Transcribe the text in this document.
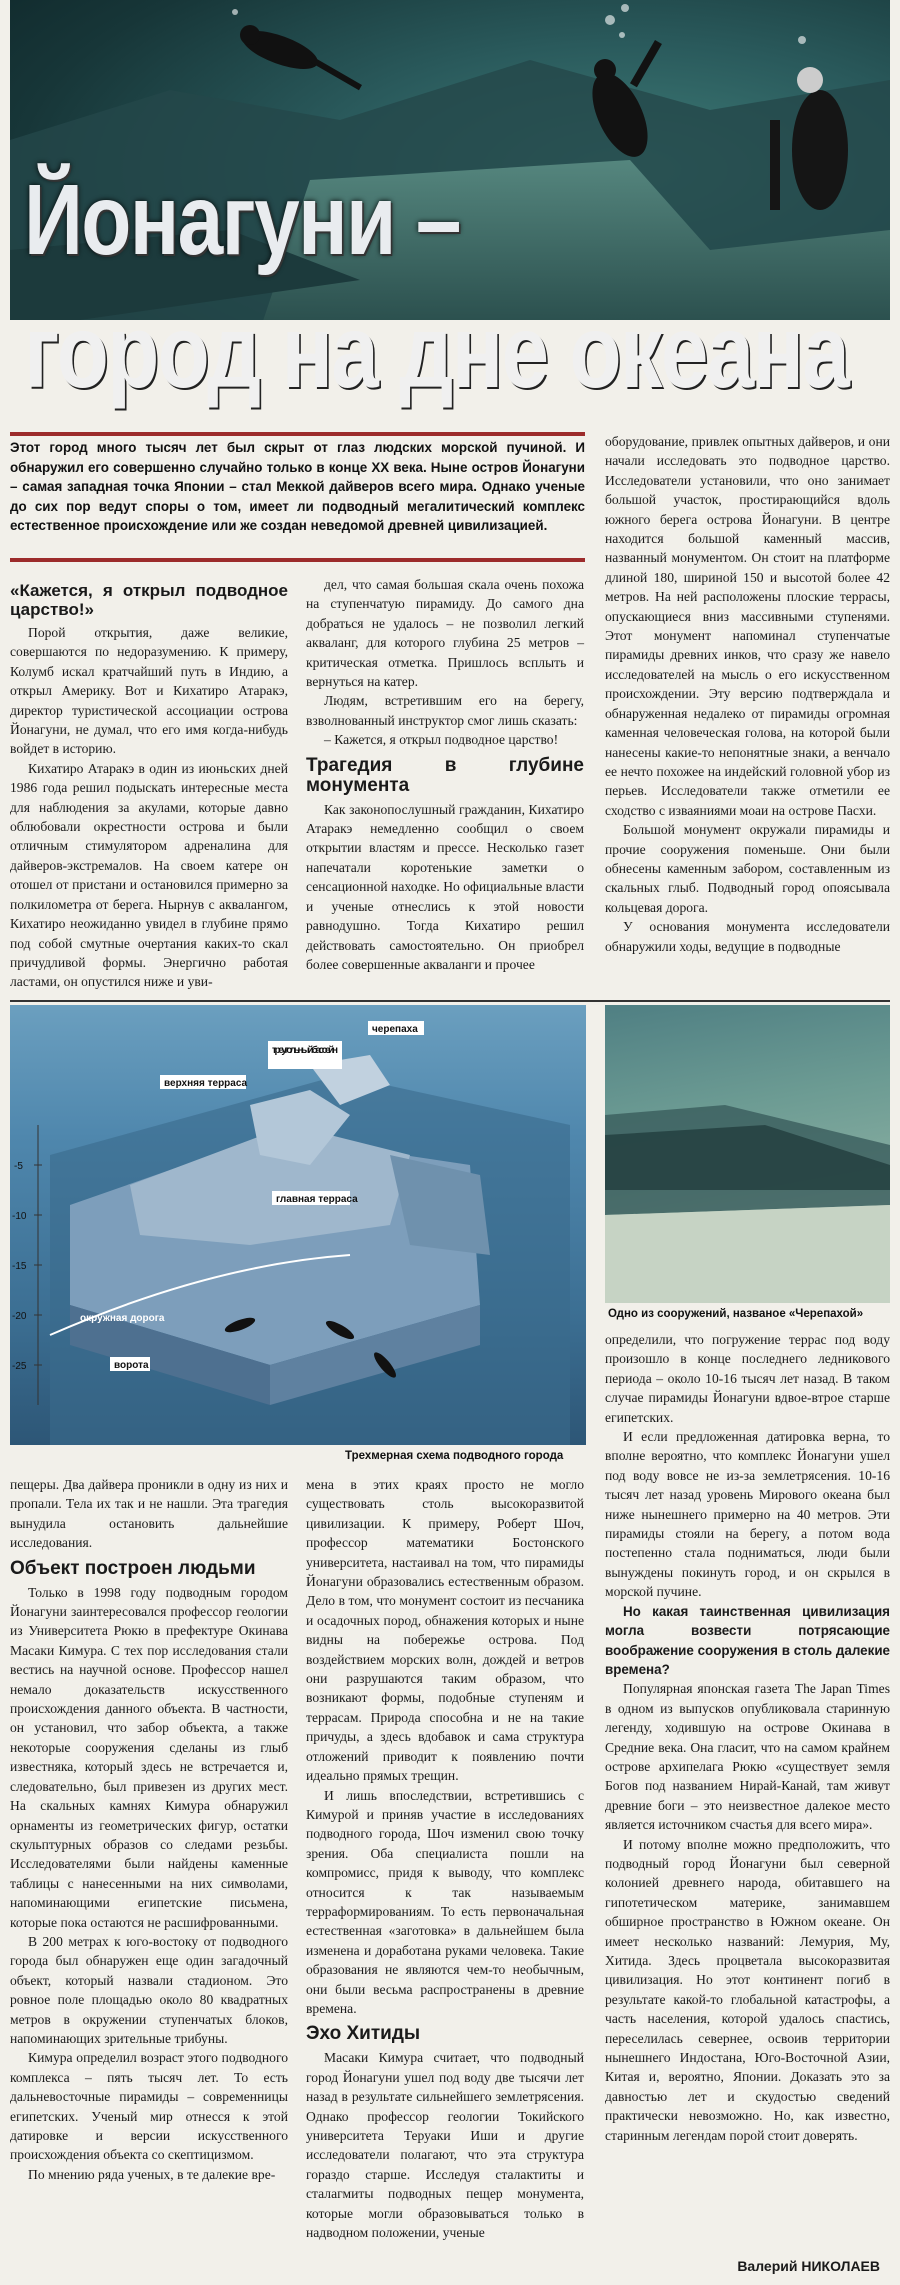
Йонагуни –
город на дне океана
Этот город много тысяч лет был скрыт от глаз людских морской пучиной. И обнаружил его совершенно случайно только в конце XX века. Ныне остров Йонагуни – самая западная точка Японии – стал Меккой дайверов всего мира. Однако ученые до сих пор ведут споры о том, имеет ли подводный мегалитический комплекс естественное происхождение или же создан неведомой древней цивилизацией.
«Кажется, я открыл подводное царство!»

Порой открытия, даже великие, совершаются по недоразумению. К примеру, Колумб искал кратчайший путь в Индию, а открыл Америку. Вот и Кихатиро Атаракэ, директор туристической ассоциации острова Йонагуни, не думал, что его имя когда-нибудь войдет в историю.

Кихатиро Атаракэ в один из июньских дней 1986 года решил подыскать интересные места для наблюдения за акулами, которые давно облюбовали окрестности острова и были отличным стимулятором адреналина для дайверов-экстремалов. На своем катере он отошел от пристани и остановился примерно за полкилометра от берега. Нырнув с аквалангом, Кихатиро неожиданно увидел в глубине прямо под собой смутные очертания каких-то скал причудливой формы. Энергично работая ластами, он опустился ниже и уви-

дел, что самая большая скала очень похожа на ступенчатую пирамиду. До самого дна добраться не удалось – не позволил легкий акваланг, для которого глубина 25 метров – критическая отметка. Пришлось всплыть и вернуться на катер.

Людям, встретившим его на берегу, взволнованный инструктор смог лишь сказать:

– Кажется, я открыл подводное царство!

Трагедия в глубине монумента

Как законопослушный гражданин, Кихатиро Атаракэ немедленно сообщил о своем открытии властям и прессе. Несколько газет напечатали коротенькие заметки о сенсационной находке. Но официальные власти и ученые отнеслись к этой новости равнодушно. Тогда Кихатиро решил действовать самостоятельно. Он приобрел более совершенные акваланги и прочее

оборудование, привлек опытных дайверов, и они начали исследовать это подводное царство. Исследователи установили, что оно занимает большой участок, простирающийся вдоль южного берега острова Йонагуни. В центре находится большой каменный массив, названный монументом. Он стоит на платформе длиной 180, шириной 150 и высотой более 42 метров. На ней расположены плоские террасы, опускающиеся вниз массивными ступенями. Этот монумент напоминал ступенчатые пирамиды древних инков, что сразу же навело исследователей на мысль о его искусственном происхождении. Эту версию подтверждала и обнаруженная недалеко от пирамиды огромная каменная человеческая голова, на которой были нанесены какие-то непонятные знаки, а венчало ее нечто похожее на индейский головной убор из перьев. Исследователи также отметили ее сходство с изваяниями моаи на острове Пасхи.

Большой монумент окружали пирамиды и прочие сооружения поменьше. Они были обнесены каменным забором, составленным из скальных глыб. Подводный город опоясывала кольцевая дорога.

У основания монумента исследователи обнаружили ходы, ведущие в подводные

-5
-10
-15
-20
-25
черепаха
треугольный бассейн
верхняя терраса
главная терраса
окружная дорога
ворота
Трехмерная схема подводного города
Одно из сооружений, названое «Черепахой»

пещеры. Два дайвера проникли в одну из них и пропали. Тела их так и не нашли. Эта трагедия вынудила остановить дальнейшие исследования.

Объект построен людьми

Только в 1998 году подводным городом Йонагуни заинтересовался профессор геологии из Университета Рюкю в префектуре Окинава Масаки Кимура. С тех пор исследования стали вестись на научной основе. Профессор нашел немало доказательств искусственного происхождения данного объекта. В частности, он установил, что забор объекта, а также некоторые сооружения сделаны из глыб известняка, который здесь не встречается и, следовательно, был привезен из других мест. На скальных камнях Кимура обнаружил орнаменты из геометрических фигур, остатки скульптурных образов со следами резьбы. Исследователями были найдены каменные таблицы с нанесенными на них символами, напоминающими египетские письмена, которые пока остаются не расшифрованными.

В 200 метрах к юго-востоку от подводного города был обнаружен еще один загадочный объект, который назвали стадионом. Это ровное поле площадью около 80 квадратных метров в окружении ступенчатых блоков, напоминающих зрительные трибуны.

Кимура определил возраст этого подводного комплекса – пять тысяч лет. То есть дальневосточные пирамиды – современницы египетских. Ученый мир отнесся к этой датировке и версии искусственного происхождения объекта со скептицизмом.

По мнению ряда ученых, в те далекие вре-

мена в этих краях просто не могло существовать столь высокоразвитой цивилизации. К примеру, Роберт Шоч, профессор математики Бостонского университета, настаивал на том, что пирамиды Йонагуни образовались естественным образом. Дело в том, что монумент состоит из песчаника и осадочных пород, обнажения которых и ныне видны на побережье острова. Под воздействием морских волн, дождей и ветров они разрушаются таким образом, что возникают формы, подобные ступеням и террасам. Природа способна и не на такие причуды, а здесь вдобавок и сама структура отложений приводит к появлению почти идеально прямых трещин.

И лишь впоследствии, встретившись с Кимурой и приняв участие в исследованиях подводного города, Шоч изменил свою точку зрения. Оба специалиста пошли на компромисс, придя к выводу, что комплекс относится к так называемым терраформированиям. То есть первоначальная естественная «заготовка» в дальнейшем была изменена и доработана руками человека. Такие образования не являются чем-то необычным, они были весьма распространены в древние времена.

Эхо Хитиды

Масаки Кимура считает, что подводный город Йонагуни ушел под воду две тысячи лет назад в результате сильнейшего землетрясения. Однако профессор геологии Токийского университета Теруаки Иши и другие исследователи полагают, что эта структура гораздо старше. Исследуя сталактиты и сталагмиты подводных пещер монумента, которые могли образовываться только в надводном положении, ученые

определили, что погружение террас под воду произошло в конце последнего ледникового периода – около 10-16 тысяч лет назад. В таком случае пирамиды Йонагуни вдвое-втрое старше египетских.

И если предложенная датировка верна, то вполне вероятно, что комплекс Йонагуни ушел под воду вовсе не из-за землетрясения. 10-16 тысяч лет назад уровень Мирового океана был ниже нынешнего примерно на 40 метров. Эти пирамиды стояли на берегу, а потом вода постепенно стала подниматься, люди были вынуждены покинуть город, и он скрылся в морской пучине.

Но какая таинственная цивилизация могла возвести потрясающие воображение сооружения в столь далекие времена?

Популярная японская газета The Japan Times в одном из выпусков опубликовала старинную легенду, ходившую на острове Окинава в Средние века. Она гласит, что на самом крайнем острове архипелага Рюкю «существует земля Богов под названием Нирай-Канай, там живут древние боги – это неизвестное далекое место является источником счастья для всего мира».

И потому вполне можно предположить, что подводный город Йонагуни был северной колонией древнего народа, обитавшего на гипотетическом материке, занимавшем обширное пространство в Южном океане. Он имеет несколько названий: Лемурия, Му, Хитида. Здесь процветала высокоразвитая цивилизация. Но этот континент погиб в результате какой-то глобальной катастрофы, а часть населения, которой удалось спастись, переселилась севернее, освоив территории нынешнего Индостана, Юго-Восточной Азии, Китая и, вероятно, Японии. Доказать это за давностью лет и скудостью сведений практически невозможно. Но, как известно, старинным легендам порой стоит доверять.

Валерий НИКОЛАЕВ
